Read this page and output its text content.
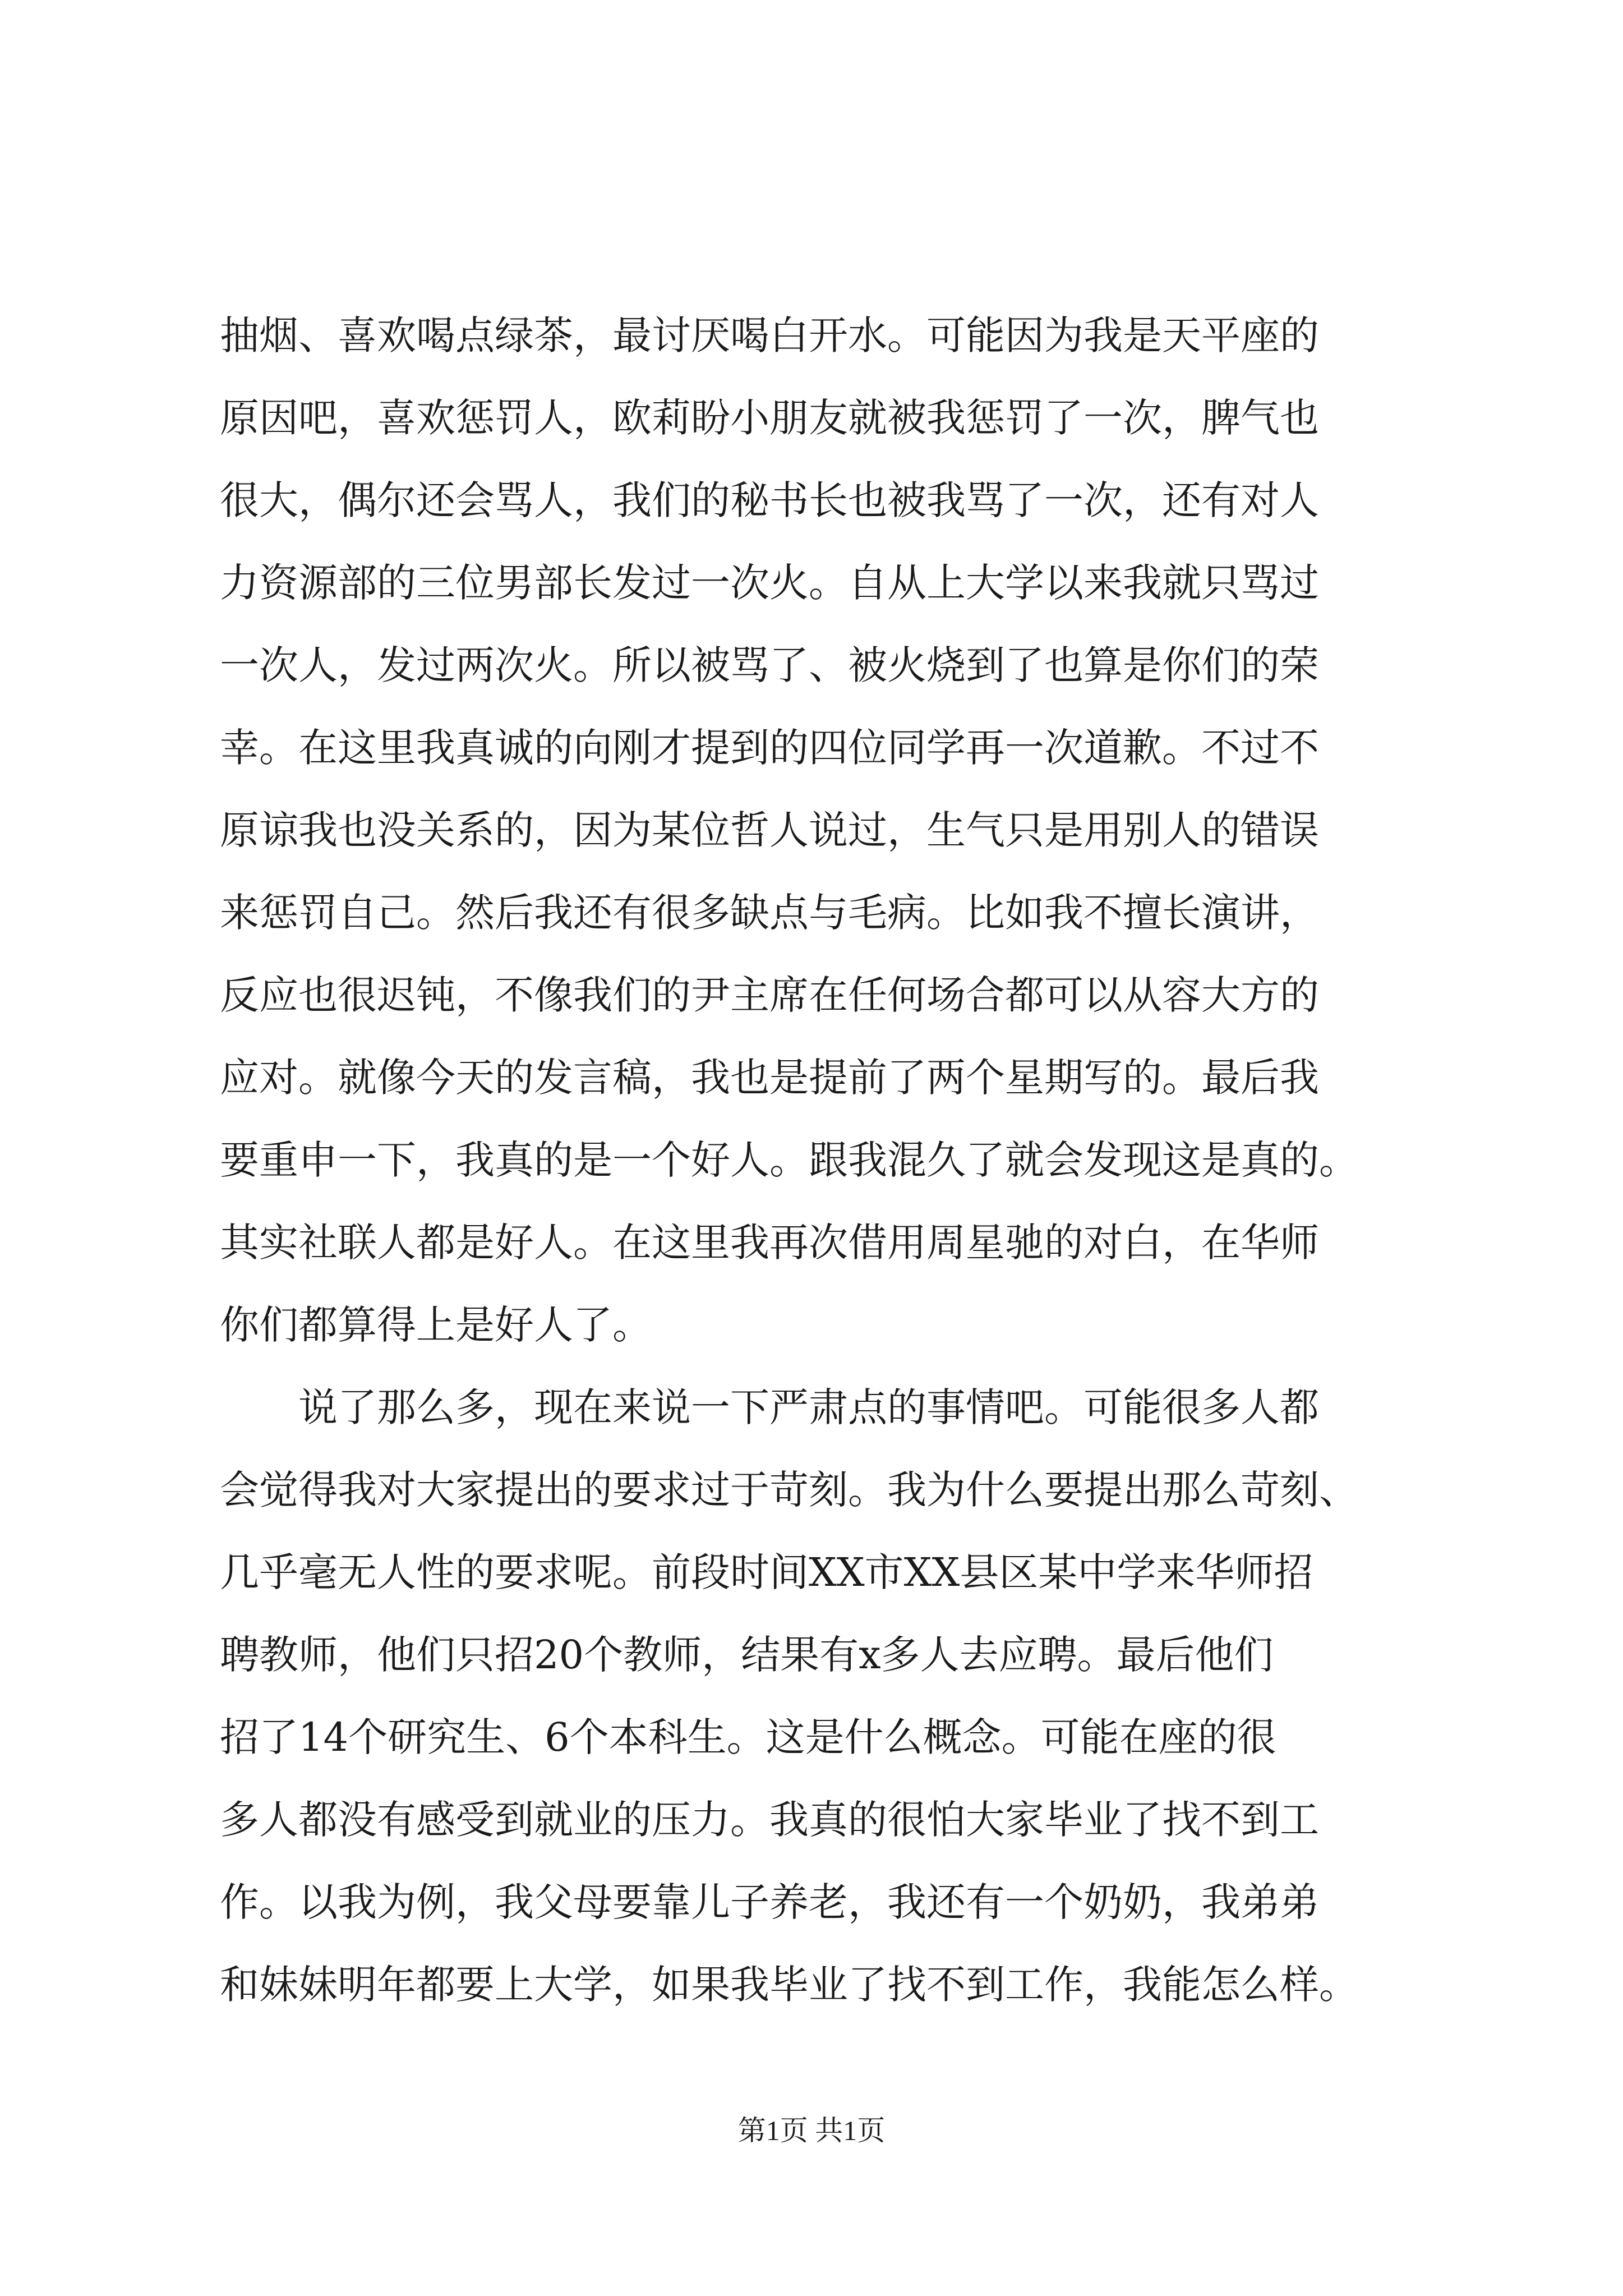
抽烟、喜欢喝点绿茶，最讨厌喝白开水。可能因为我是天平座的
原因吧，喜欢惩罚人，欧莉盼小朋友就被我惩罚了一次，脾气也
很大，偶尔还会骂人，我们的秘书长也被我骂了一次，还有对人
力资源部的三位男部长发过一次火。自从上大学以来我就只骂过
一次人，发过两次火。所以被骂了、被火烧到了也算是你们的荣
幸。在这里我真诚的向刚才提到的四位同学再一次道歉。不过不
原谅我也没关系的，因为某位哲人说过，生气只是用别人的错误
来惩罚自己。然后我还有很多缺点与毛病。比如我不擅长演讲，
反应也很迟钝，不像我们的尹主席在任何场合都可以从容大方的
应对。就像今天的发言稿，我也是提前了两个星期写的。最后我
要重申一下，我真的是一个好人。跟我混久了就会发现这是真的。
其实社联人都是好人。在这里我再次借用周星驰的对白，在华师
你们都算得上是好人了。
说了那么多，现在来说一下严肃点的事情吧。可能很多人都
会觉得我对大家提出的要求过于苛刻。我为什么要提出那么苛刻、
几乎毫无人性的要求呢。前段时间XX市XX县区某中学来华师招
聘教师，他们只招20个教师，结果有x多人去应聘。最后他们
招了14个研究生、6个本科生。这是什么概念。可能在座的很
多人都没有感受到就业的压力。我真的很怕大家毕业了找不到工
作。以我为例，我父母要靠儿子养老，我还有一个奶奶，我弟弟
和妹妹明年都要上大学，如果我毕业了找不到工作，我能怎么样。
第1页 共1页
